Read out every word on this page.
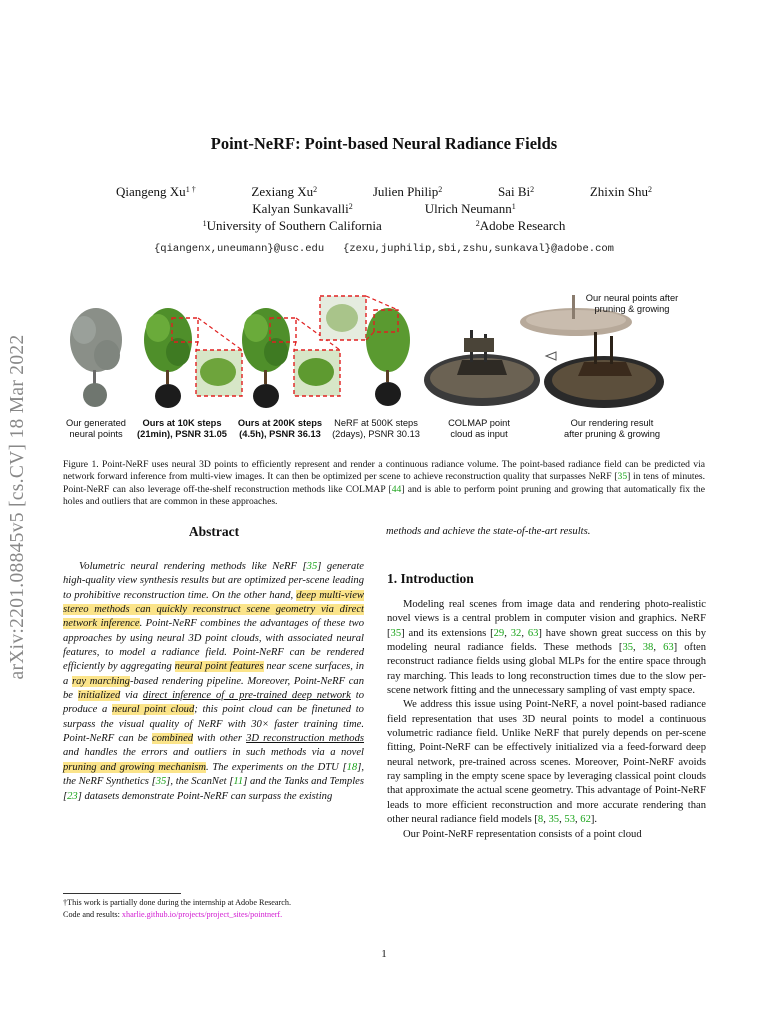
arXiv:2201.08845v5 [cs.CV] 18 Mar 2022
Point-NeRF: Point-based Neural Radiance Fields
Qiangeng $Xu^{1 \dagger}$	Zexiang Xu$^2$	Julien Philip$^2$	Sai Bi$^2$	Zhixin Shu$^2$
Kalyan Sunkavalli$^2$	Ulrich Neumann$^1$
$^1$University of Southern California	$^2$Adobe Research
{qiangenx,uneumann}@usc.edu   {zexu,juphilip,sbi,zshu,sunkaval}@adobe.com
Our neural points after
pruning & growing
Our generated
neural points
Ours at 10K steps
(21min), PSNR 31.05
Ours at 200K steps
(4.5h), PSNR 36.13
NeRF at 500K steps
(2days), PSNR 30.13
COLMAP point
cloud as input
Our rendering result
after pruning & growing
Figure 1. Point-NeRF uses neural 3D points to efficiently represent and render a continuous radiance volume. The point-based radiance field can be predicted via network forward inference from multi-view images. It can then be optimized per scene to achieve reconstruction quality that surpasses NeRF [35] in tens of minutes. Point-NeRF can also leverage off-the-shelf reconstruction methods like COLMAP [44] and is able to perform point pruning and growing that automatically fix the holes and outliers that are common in these approaches.
Abstract

Volumetric neural rendering methods like NeRF [35] generate high-quality view synthesis results but are optimized per-scene leading to prohibitive reconstruction time. On the other hand, deep multi-view stereo methods can quickly reconstruct scene geometry via direct network inference. Point-NeRF combines the advantages of these two approaches by using neural 3D point clouds, with associated neural features, to model a radiance field. Point-NeRF can be rendered efficiently by aggregating neural point features near scene surfaces, in a ray marching-based rendering pipeline. Moreover, Point-NeRF can be initialized via direct inference of a pre-trained deep network to produce a neural point cloud; this point cloud can be finetuned to surpass the visual quality of NeRF with 30× faster training time. Point-NeRF can be combined with other 3D reconstruction methods and handles the errors and outliers in such methods via a novel pruning and growing mechanism. The experiments on the DTU [18], the NeRF Synthetics [35], the ScanNet [11] and the Tanks and Temples [23] datasets demonstrate Point-NeRF can surpass the existing

methods and achieve the state-of-the-art results.
1. Introduction

Modeling real scenes from image data and rendering photo-realistic novel views is a central problem in computer vision and graphics. NeRF [35] and its extensions [29, 32, 63] have shown great success on this by modeling neural radiance fields. These methods [35, 38, 63] often reconstruct radiance fields using global MLPs for the entire space through ray marching. This leads to long reconstruction times due to the slow per-scene network fitting and the unnecessary sampling of vast empty space.

We address this issue using Point-NeRF, a novel point-based radiance field representation that uses 3D neural points to model a continuous volumetric radiance field. Unlike NeRF that purely depends on per-scene fitting, Point-NeRF can be effectively initialized via a feed-forward deep neural network, pre-trained across scenes. Moreover, Point-NeRF avoids ray sampling in the empty scene space by leveraging classical point clouds that approximate the actual scene geometry. This advantage of Point-NeRF leads to more efficient reconstruction and more accurate rendering than other neural radiance field models [8, 35, 53, 62].

Our Point-NeRF representation consists of a point cloud

†This work is partially done during the internship at Adobe Research.

Code and results: xharlie.github.io/projects/project_sites/pointnerf.

1
